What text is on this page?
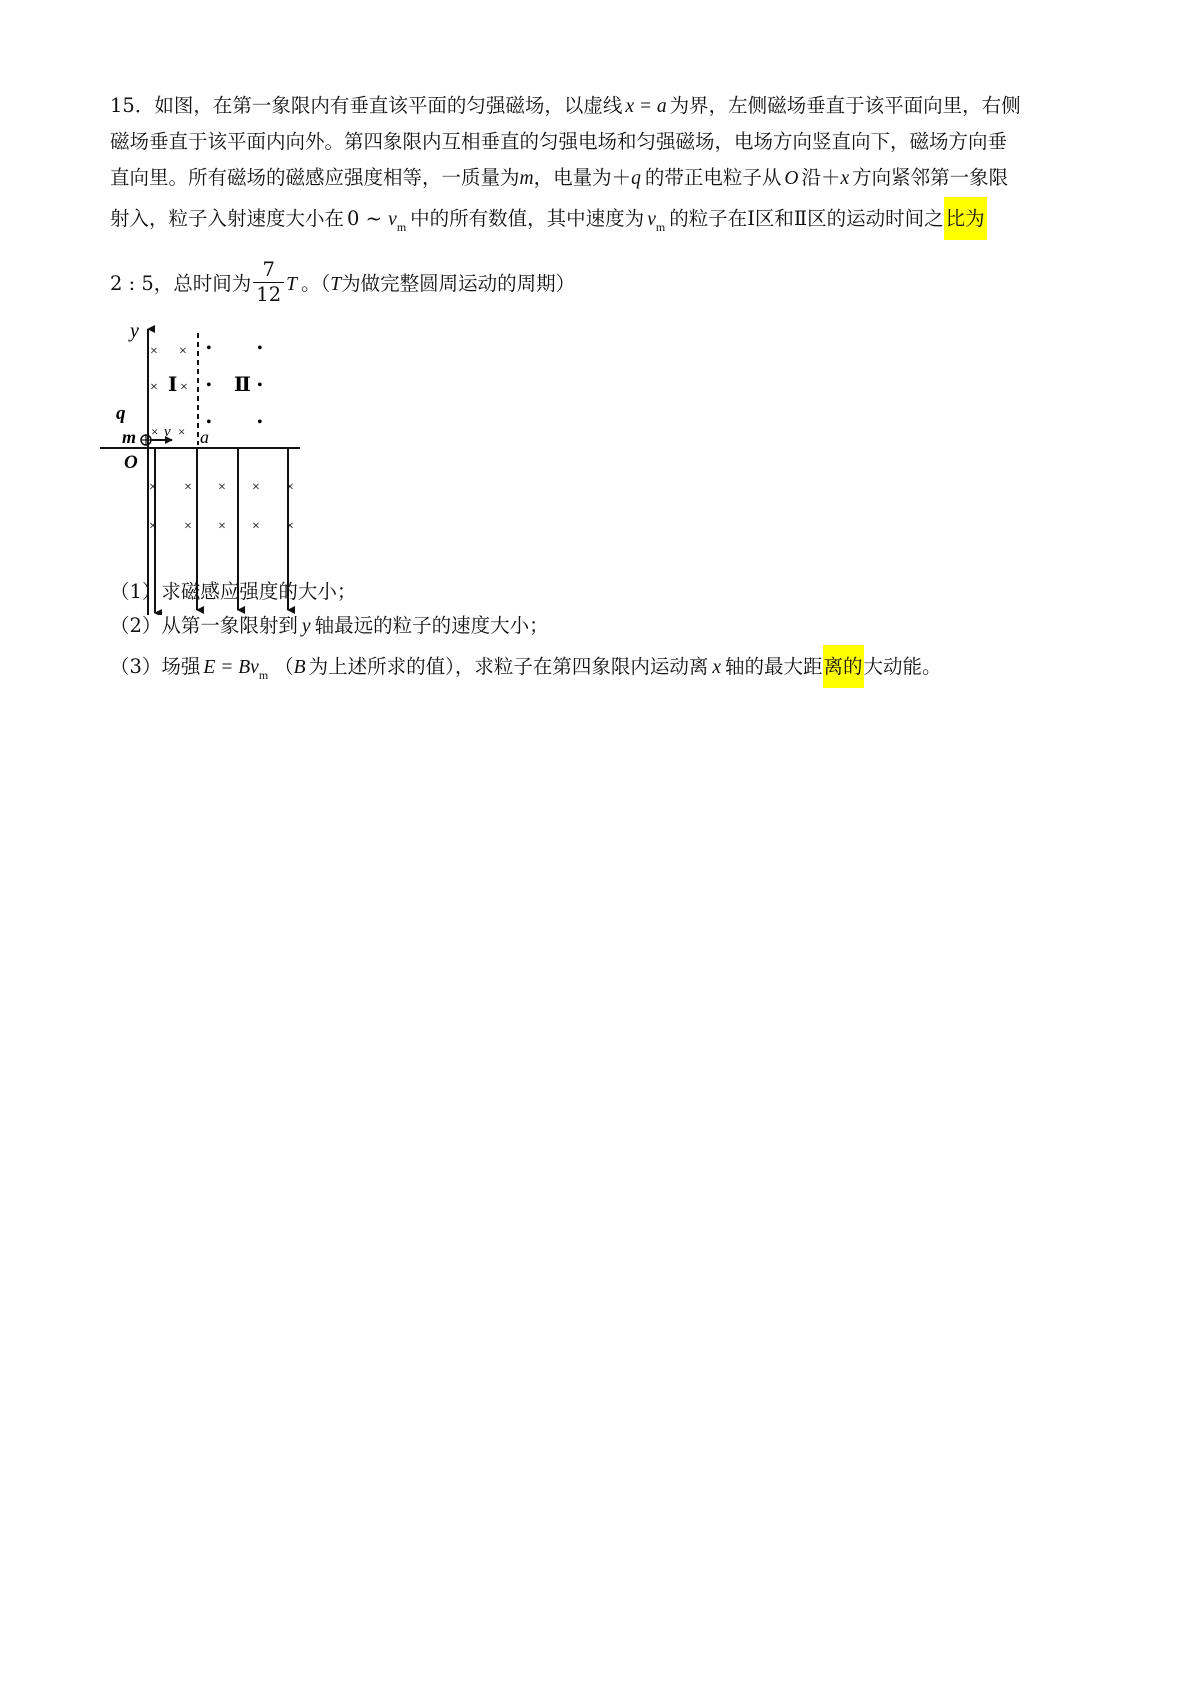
15．如图，在第一象限内有垂直该平面的匀强磁场，以虚线 x = a 为界，左侧磁场垂直于该平面向里，右侧
磁场垂直于该平面内向外。第四象限内互相垂直的匀强电场和匀强磁场，电场方向竖直向下，磁场方向垂
直向里。所有磁场的磁感应强度相等，一质量为m，电量为＋q 的带正电粒子从 O 沿＋x 方向紧邻第一象限
射入，粒子入射速度大小在 0 ~ $v_m$ 中的所有数值，其中速度为 $v_m$ 的粒子在Ⅰ区和Ⅱ区的运动时间之 比为
2 : 5，总时间为 $\frac{7}{12}$ T 。（T为做完整圆周运动的周期）
y
O
a
× ×
× Ⅰ ×
•	•
• Ⅱ •
•	•
q
m × v ×
× × × × ×
× × × × ×
（1）求磁感应强度的大小；
（2）从第一象限射到 y 轴最远的粒子的速度大小；
（3）场强 $E = Bv_m$ （B 为上述所求的值），求粒子在第四象限内运动离 x 轴的最大距离的大动能。
